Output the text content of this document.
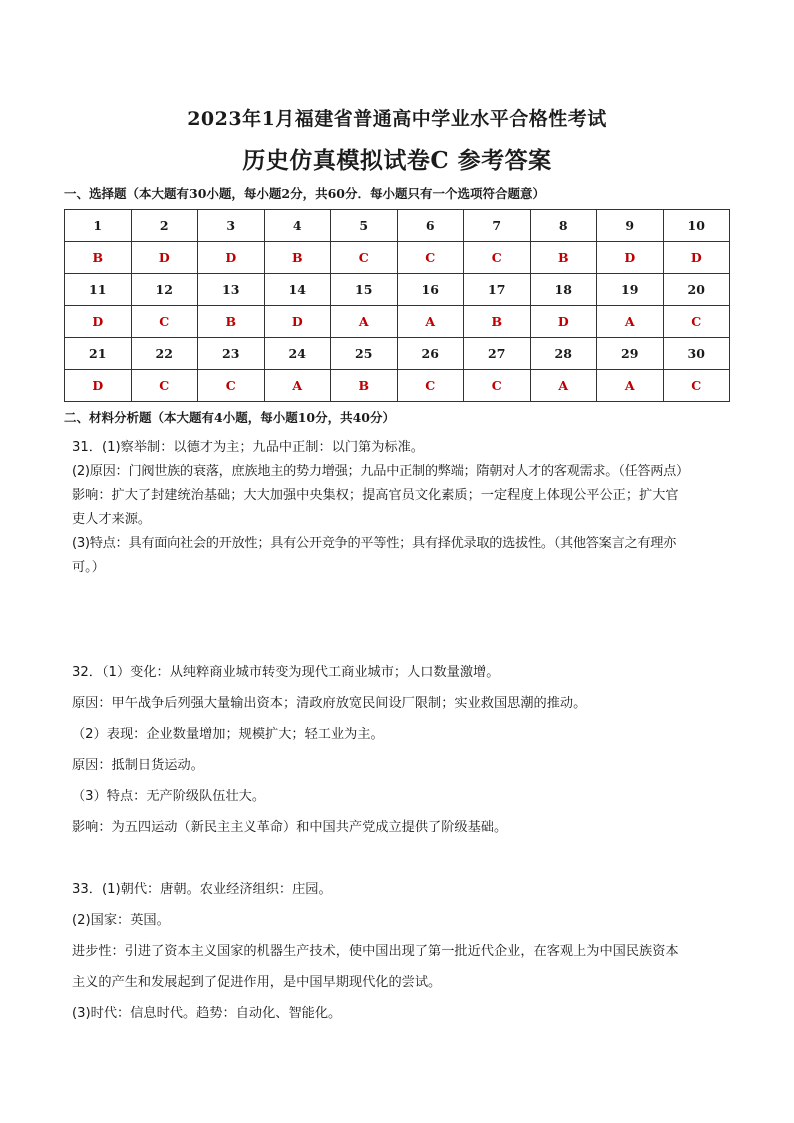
2023年1月福建省普通高中学业水平合格性考试
历史仿真模拟试卷C 参考答案
一、选择题（本大题有30小题，每小题2分，共60分．每小题只有一个选项符合题意）
1	2	3	4	5	6	7	8	9	10
B	D	D	B	C	C	C	B	D	D
11	12	13	14	15	16	17	18	19	20
D	C	B	D	A	A	B	D	A	C
21	22	23	24	25	26	27	28	29	30
D	C	C	A	B	C	C	A	A	C
二、材料分析题（本大题有4小题，每小题10分，共40分）

31．(1)察举制：以德才为主；九品中正制：以门第为标准。

(2)原因：门阀世族的衰落，庶族地主的势力增强；九品中正制的弊端；隋朝对人才的客观需求。（任答两点）

影响：扩大了封建统治基础；大大加强中央集权；提高官员文化素质；一定程度上体现公平公正；扩大官

吏人才来源。

(3)特点：具有面向社会的开放性；具有公开竞争的平等性；具有择优录取的选拔性。（其他答案言之有理亦

可。）

32．（1）变化：从纯粹商业城市转变为现代工商业城市；人口数量激增。

原因：甲午战争后列强大量输出资本；清政府放宽民间设厂限制；实业救国思潮的推动。

（2）表现：企业数量增加；规模扩大；轻工业为主。

原因：抵制日货运动。

（3）特点：无产阶级队伍壮大。

影响：为五四运动（新民主主义革命）和中国共产党成立提供了阶级基础。

33．(1)朝代：唐朝。农业经济组织：庄园。

(2)国家：英国。

进步性：引进了资本主义国家的机器生产技术，使中国出现了第一批近代企业，在客观上为中国民族资本

主义的产生和发展起到了促进作用，是中国早期现代化的尝试。

(3)时代：信息时代。趋势：自动化、智能化。
